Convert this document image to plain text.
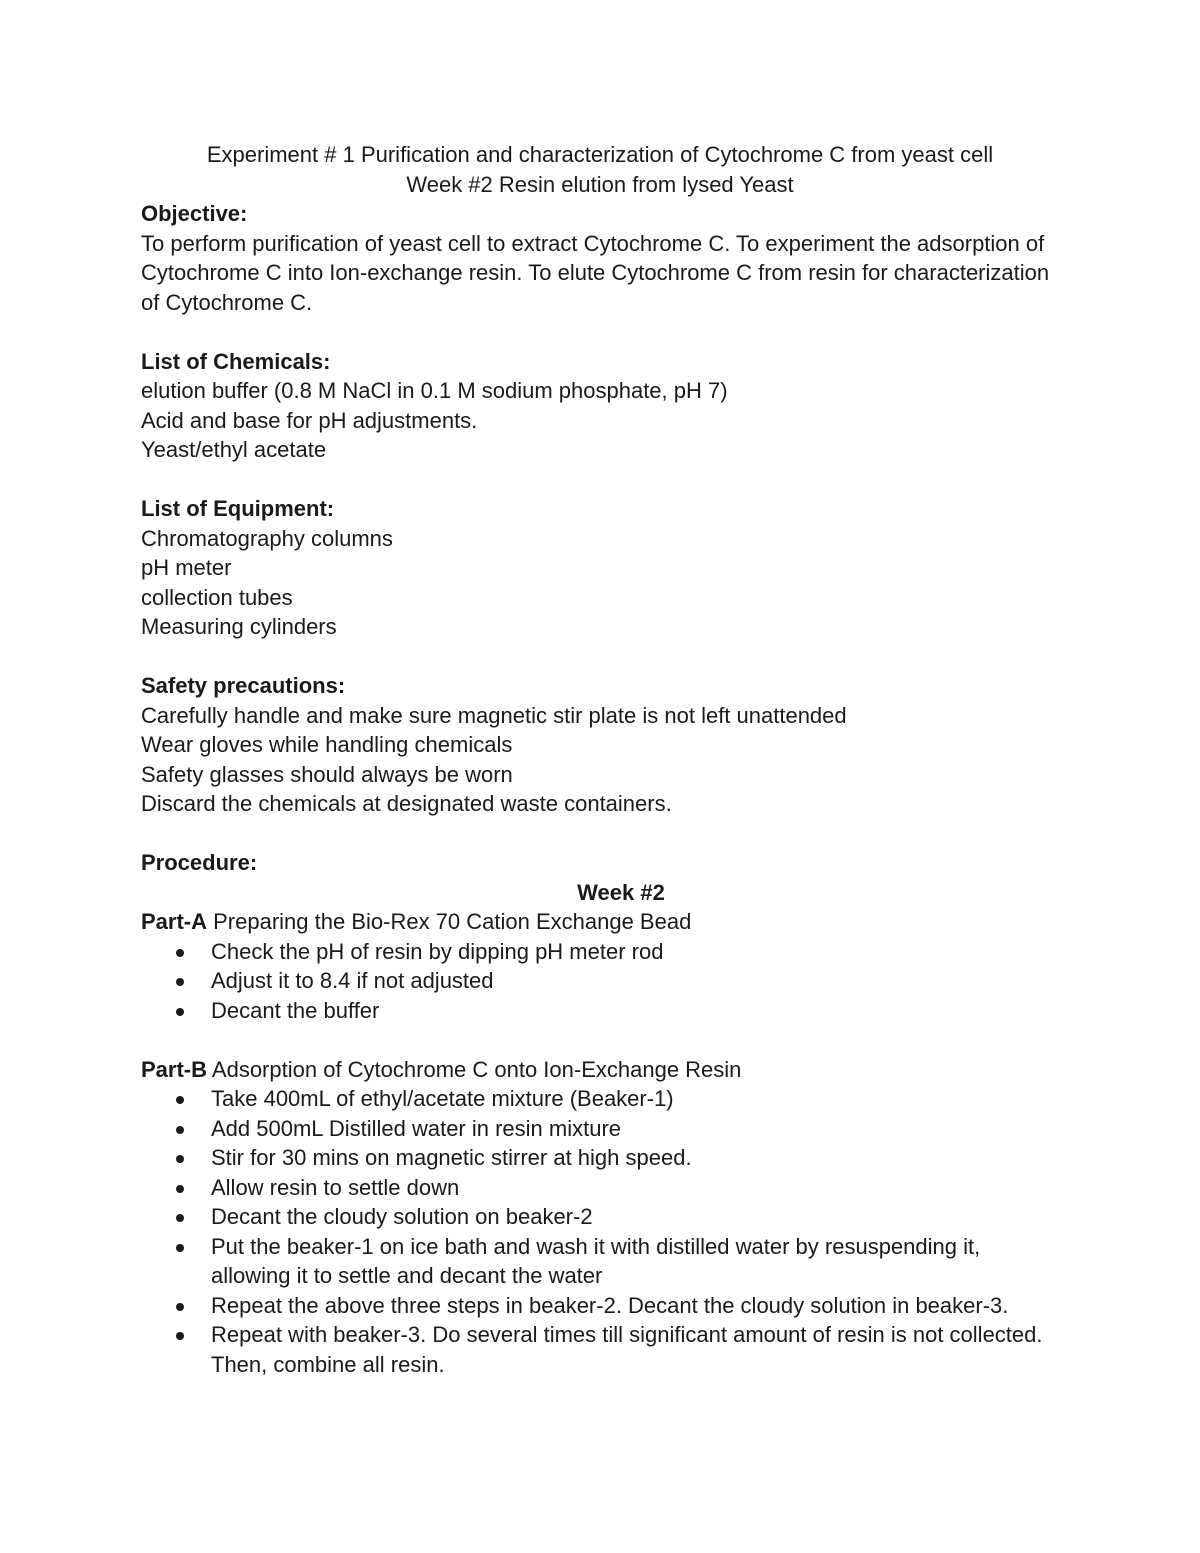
Experiment # 1 Purification and characterization of Cytochrome C from yeast cell
Week #2 Resin elution from lysed Yeast
Objective:
To perform purification of yeast cell to extract Cytochrome C. To experiment the adsorption of Cytochrome C into Ion-exchange resin. To elute Cytochrome C from resin for characterization of Cytochrome C.
List of Chemicals:
elution buffer (0.8 M NaCl in 0.1 M sodium phosphate, pH 7)
Acid and base for pH adjustments.
Yeast/ethyl acetate
List of Equipment:
Chromatography columns
pH meter
collection tubes
Measuring cylinders
Safety precautions:
Carefully handle and make sure magnetic stir plate is not left unattended
Wear gloves while handling chemicals
Safety glasses should always be worn
Discard the chemicals at designated waste containers.
Procedure:
Week #2
Part-A Preparing the Bio-Rex 70 Cation Exchange Bead
Check the pH of resin by dipping pH meter rod
Adjust it to 8.4 if not adjusted
Decant the buffer
Part-B Adsorption of Cytochrome C onto Ion-Exchange Resin
Take 400mL of ethyl/acetate mixture (Beaker-1)
Add 500mL Distilled water in resin mixture
Stir for 30 mins on magnetic stirrer at high speed.
Allow resin to settle down
Decant the cloudy solution on beaker-2
Put the beaker-1 on ice bath and wash it with distilled water by resuspending it, allowing it to settle and decant the water
Repeat the above three steps in beaker-2. Decant the cloudy solution in beaker-3.
Repeat with beaker-3. Do several times till significant amount of resin is not collected. Then, combine all resin.
